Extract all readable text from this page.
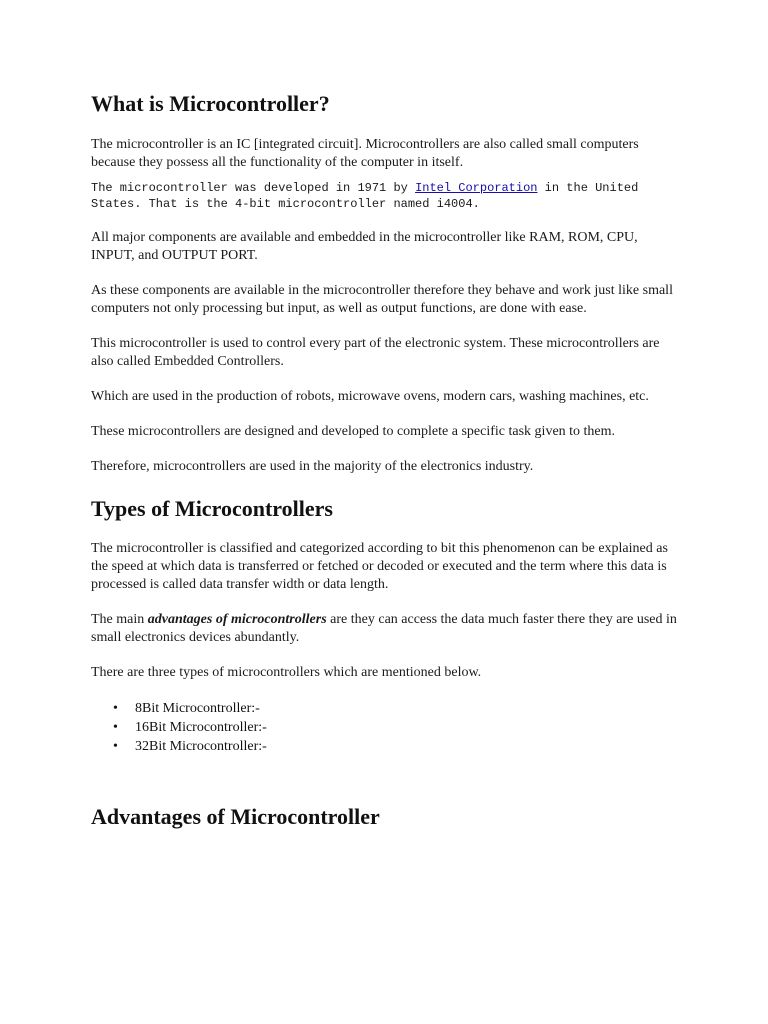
What is Microcontroller?

The microcontroller is an IC [integrated circuit]. Microcontrollers are also called small computers because they possess all the functionality of the computer in itself.

The microcontroller was developed in 1971 by Intel Corporation in the United States. That is the 4-bit microcontroller named i4004.

All major components are available and embedded in the microcontroller like RAM, ROM, CPU, INPUT, and OUTPUT PORT.

As these components are available in the microcontroller therefore they behave and work just like small computers not only processing but input, as well as output functions, are done with ease.

This microcontroller is used to control every part of the electronic system. These microcontrollers are also called Embedded Controllers.

Which are used in the production of robots, microwave ovens, modern cars, washing machines, etc.

These microcontrollers are designed and developed to complete a specific task given to them.

Therefore, microcontrollers are used in the majority of the electronics industry.

Types of Microcontrollers

The microcontroller is classified and categorized according to bit this phenomenon can be explained as the speed at which data is transferred or fetched or decoded or executed and the term where this data is processed is called data transfer width or data length.

The main advantages of microcontrollers are they can access the data much faster there they are used in small electronics devices abundantly.

There are three types of microcontrollers which are mentioned below.

• 8Bit Microcontroller:-
• 16Bit Microcontroller:-
• 32Bit Microcontroller:-
Advantages of Microcontroller
